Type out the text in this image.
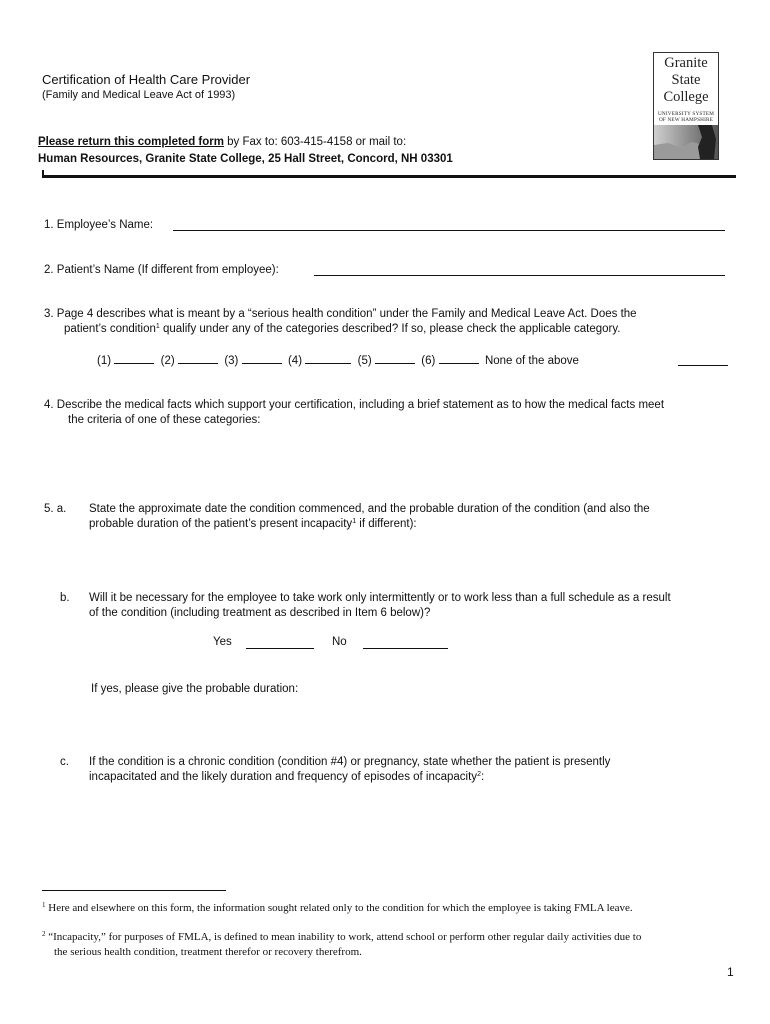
Certification of Health Care Provider
(Family and Medical Leave Act of 1993)
Granite
State
College
UNIVERSITY SYSTEM
OF NEW HAMPSHIRE
Please return this completed form by Fax to: 603-415-4158 or mail to:
Human Resources, Granite State College, 25 Hall Street, Concord, NH 03301
1. Employee’s Name:
2. Patient’s Name (If different from employee):
3. Page 4 describes what is meant by a “serious health condition” under the Family and Medical Leave Act. Does the
patient’s condition$^1$ qualify under any of the categories described? If so, please check the applicable category.
(1)	(2)	(3)	(4)	(5)	(6)	None of the above
4. Describe the medical facts which support your certification, including a brief statement as to how the medical facts meet
the criteria of one of these categories:
5. a. State the approximate date the condition commenced, and the probable duration of the condition (and also the
probable duration of the patient’s present incapacity$^1$ if different):
b. Will it be necessary for the employee to take work only intermittently or to work less than a full schedule as a result
of the condition (including treatment as described in Item 6 below)?
Yes	No
If yes, please give the probable duration:
c. If the condition is a chronic condition (condition #4) or pregnancy, state whether the patient is presently
incapacitated and the likely duration and frequency of episodes of incapacity$^2$:
$^1$ Here and elsewhere on this form, the information sought related only to the condition for which the employee is taking FMLA leave.
$^2$ “Incapacity,” for purposes of FMLA, is defined to mean inability to work, attend school or perform other regular daily activities due to
the serious health condition, treatment therefor or recovery therefrom.
1
